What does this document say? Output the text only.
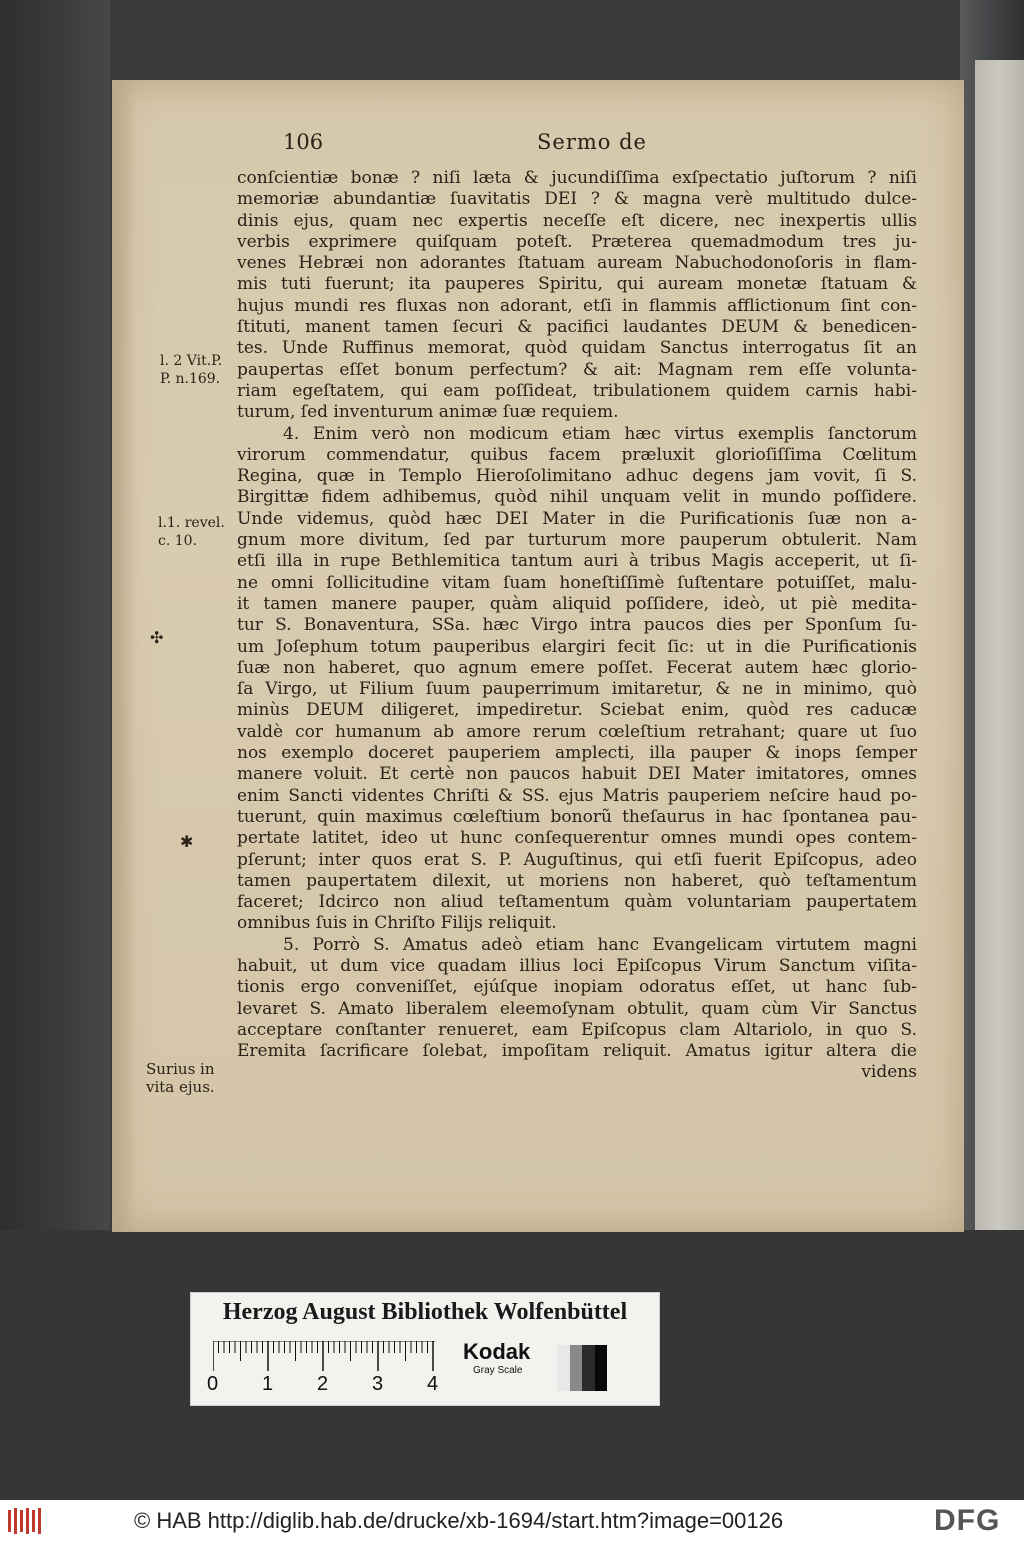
106	Sermo de
conſcientiæ bonæ ? niſi læta & jucundiſſima exſpectatio juſtorum ? niſi
memoriæ abundantiæ ſuavitatis DEI ? & magna verè multitudo dulce-
dinis ejus, quam nec expertis neceſſe eſt dicere, nec inexpertis ullis
verbis exprimere quiſquam poteſt. Præterea quemadmodum tres ju-
venes Hebræi non adorantes ſtatuam auream Nabuchodonoſoris in flam-
mis tuti fuerunt; ita pauperes Spiritu, qui auream monetæ ſtatuam &
hujus mundi res fluxas non adorant, etſi in flammis afflictionum ſint con-
ſtituti, manent tamen ſecuri & pacifici laudantes DEUM & benedicen-
tes. Unde Ruffinus memorat, quòd quidam Sanctus interrogatus ſit an
paupertas eſſet bonum perfectum? & ait: Magnam rem eſſe volunta-
riam egeſtatem, qui eam poſſideat, tribulationem quidem carnis habi-
turum, ſed inventurum animæ ſuæ requiem.
4. Enim verò non modicum etiam hæc virtus exemplis ſanctorum
virorum commendatur, quibus facem præluxit glorioſiſſima Cœlitum
Regina, quæ in Templo Hieroſolimitano adhuc degens jam vovit, ſi S.
Birgittæ fidem adhibemus, quòd nihil unquam velit in mundo poſſidere.
Unde videmus, quòd hæc DEI Mater in die Purificationis ſuæ non a-
gnum more divitum, ſed par turturum more pauperum obtulerit. Nam
etſi illa in rupe Bethlemitica tantum auri à tribus Magis acceperit, ut ſi-
ne omni ſollicitudine vitam ſuam honeſtiſſimè ſuſtentare potuiſſet, malu-
it tamen manere pauper, quàm aliquid poſſidere, ideò, ut piè medita-
tur S. Bonaventura, SSa. hæc Virgo intra paucos dies per Sponſum ſu-
um Joſephum totum pauperibus elargiri fecit ſic: ut in die Purificationis
ſuæ non haberet, quo agnum emere poſſet. Fecerat autem hæc glorio-
ſa Virgo, ut Filium ſuum pauperrimum imitaretur, & ne in minimo, quò
minùs DEUM diligeret, impediretur. Sciebat enim, quòd res caducæ
valdè cor humanum ab amore rerum cœleſtium retrahant; quare ut ſuo
nos exemplo doceret pauperiem amplecti, illa pauper & inops ſemper
manere voluit. Et certè non paucos habuit DEI Mater imitatores, omnes
enim Sancti videntes Chriſti & SS. ejus Matris pauperiem neſcire haud po-
tuerunt, quin maximus cœleſtium bonorũ theſaurus in hac ſpontanea pau-
pertate latitet, ideo ut hunc conſequerentur omnes mundi opes contem-
pſerunt; inter quos erat S. P. Auguſtinus, qui etſi fuerit Epiſcopus, adeo
tamen paupertatem dilexit, ut moriens non haberet, quò teſtamentum
faceret; Idcirco non aliud teſtamentum quàm voluntariam paupertatem
omnibus ſuis in Chriſto Filijs reliquit.
5. Porrò S. Amatus adeò etiam hanc Evangelicam virtutem magni
habuit, ut dum vice quadam illius loci Epiſcopus Virum Sanctum viſita-
tionis ergo conveniſſet, ejúſque inopiam odoratus eſſet, ut hanc ſub-
levaret S. Amato liberalem eleemoſynam obtulit, quam cùm Vir Sanctus
acceptare conſtanter renueret, eam Epiſcopus clam Altariolo, in quo S.
Eremita ſacrificare ſolebat, impoſitam reliquit. Amatus igitur altera die
videns
l. 2 Vit.P.
P. n.169.
l.1. revel.
c. 10.
✣
✱
Surius in
vita ejus.
Herzog August Bibliothek Wolfenbüttel
0 1 2 3 4
Kodak
Gray Scale
© HAB http://diglib.hab.de/drucke/xb-1694/start.htm?image=00126	DFG
